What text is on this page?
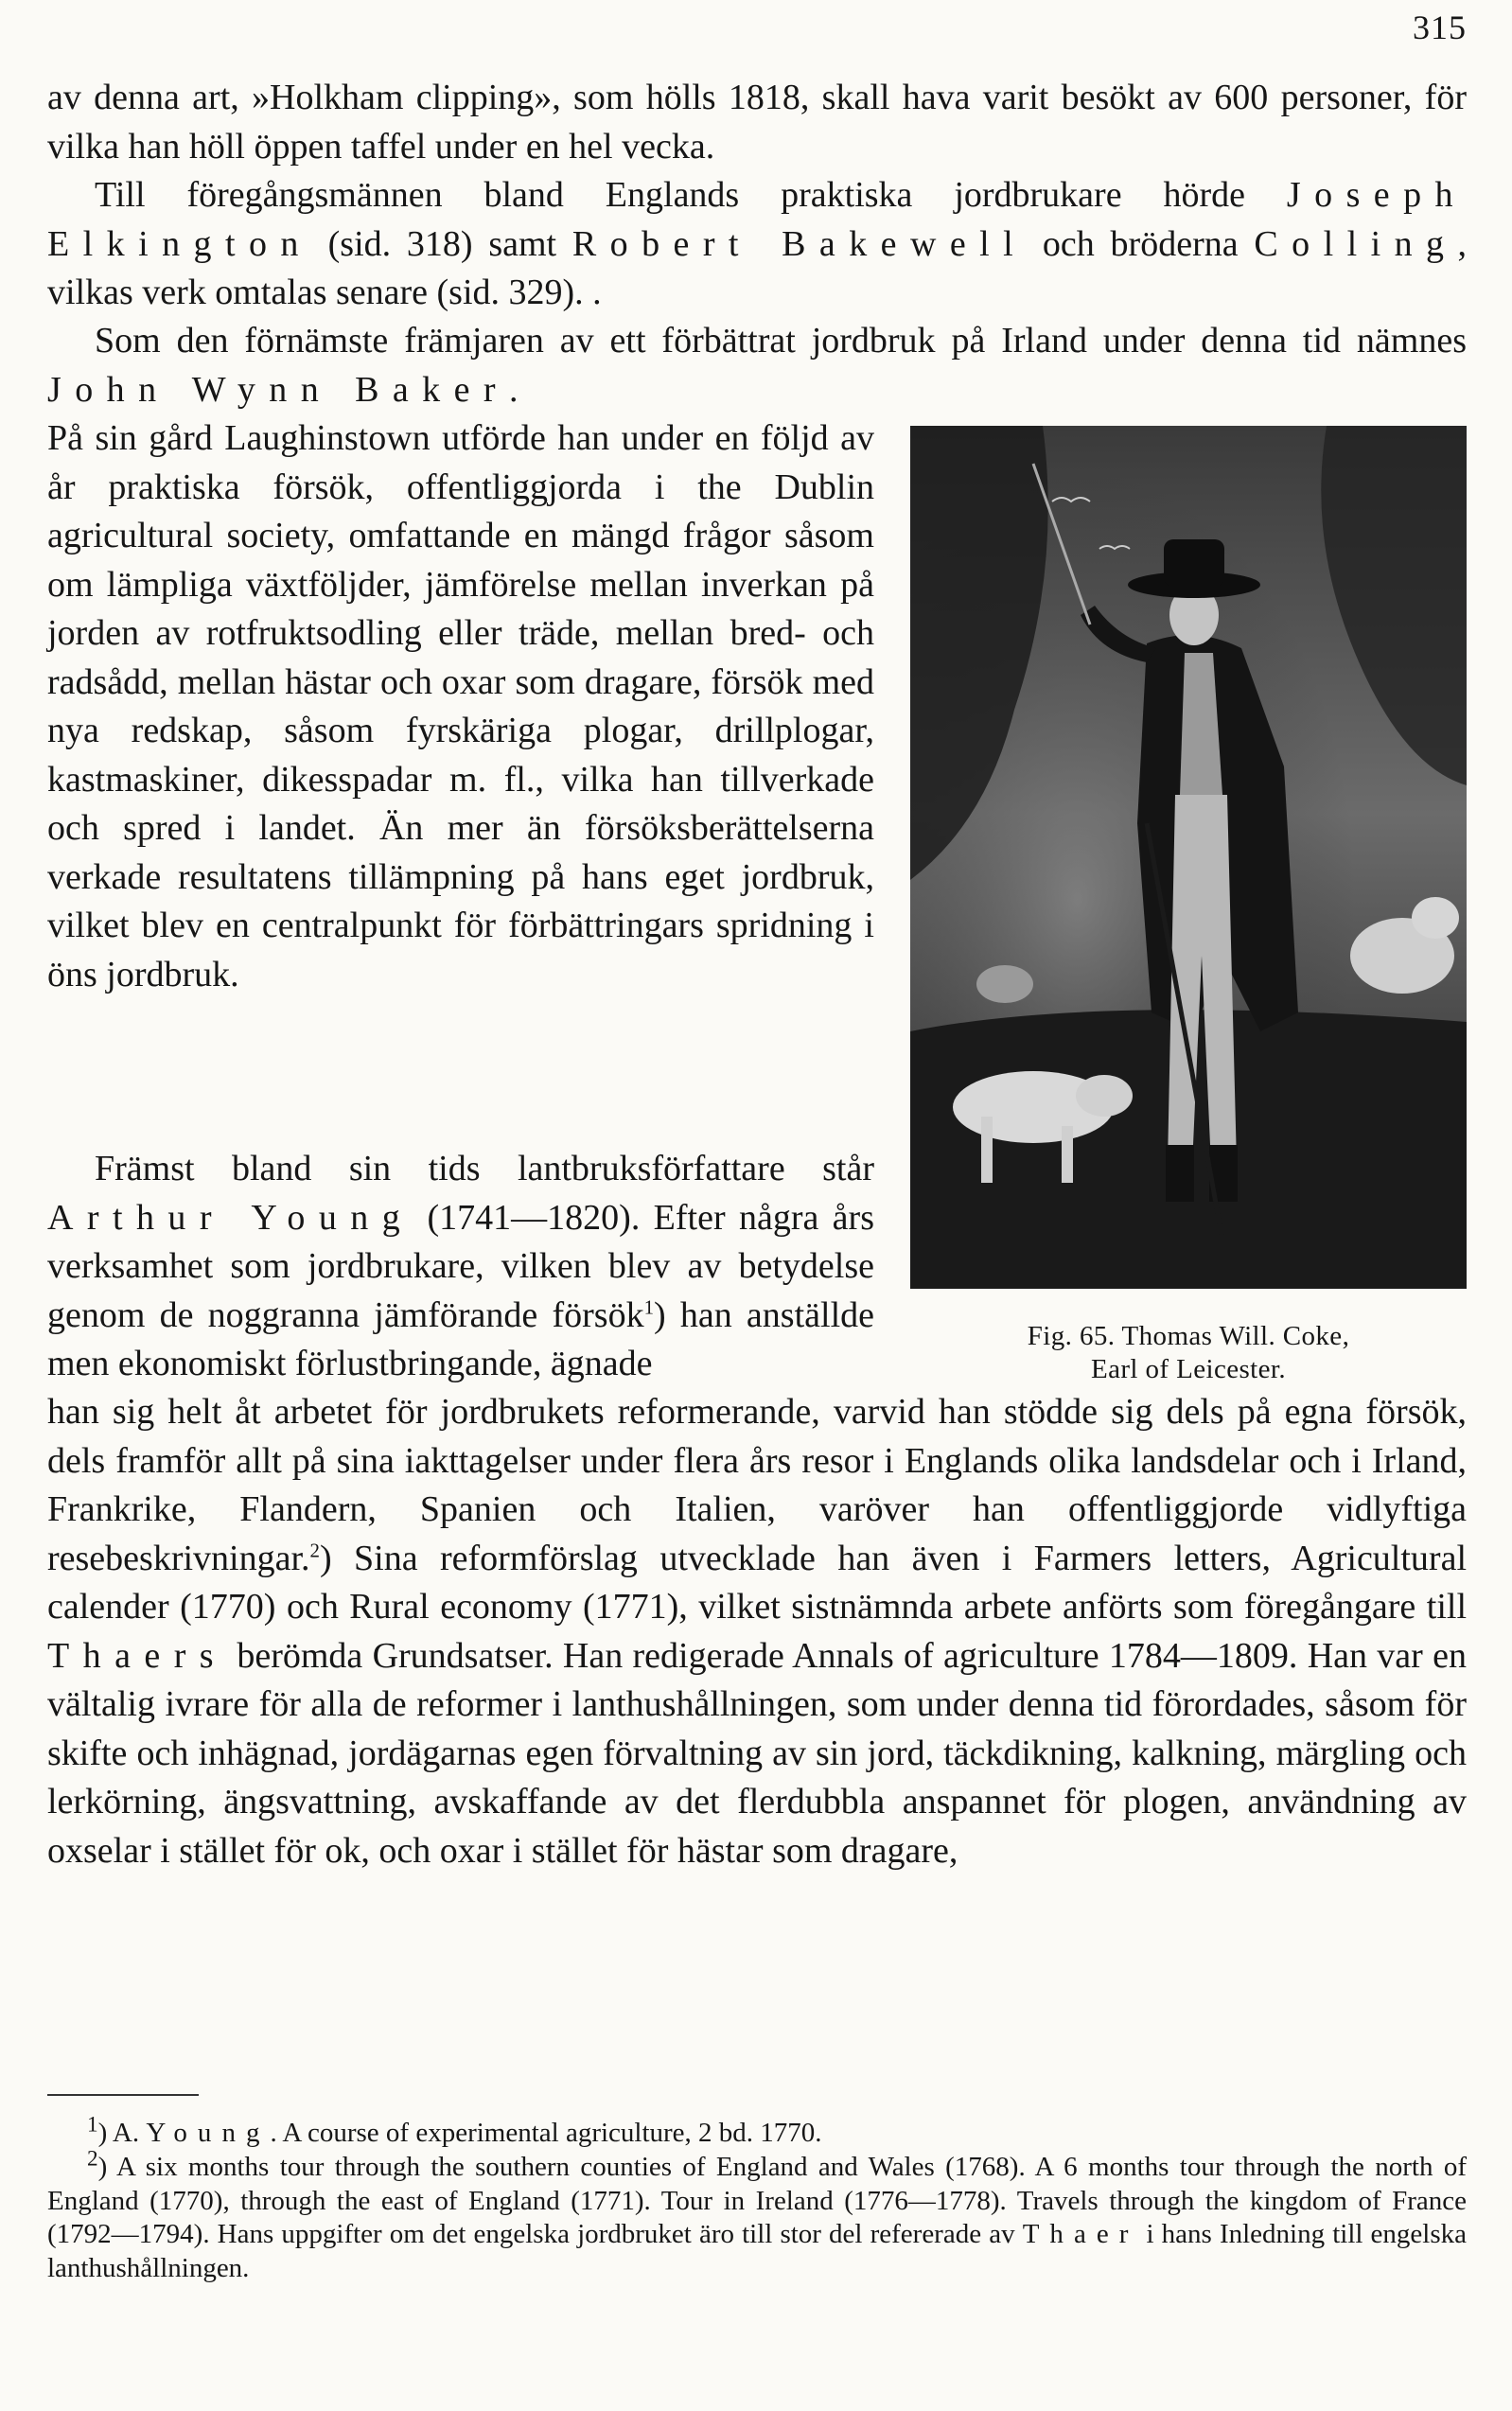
315

av denna art, »Holkham clipping», som hölls 1818, skall hava varit besökt av 600 personer, för vilka han höll öppen taffel under en hel vecka.

Till föregångsmännen bland Englands praktiska jordbrukare hörde Joseph Elkington (sid. 318) samt Robert Bakewell och bröderna Colling, vilkas verk omtalas senare (sid. 329). .

Som den förnämste främjaren av ett förbättrat jordbruk på Irland under denna tid nämnes John Wynn Baker.

På sin gård Laughinstown utförde han under en följd av år praktiska försök, offentliggjorda i the Dublin agricultural society, omfattande en mängd frågor såsom om lämpliga växtföljder, jämförelse mellan inverkan på jorden av rotfruktsodling eller träde, mellan bred- och radsådd, mellan hästar och oxar som dragare, försök med nya redskap, såsom fyrskäriga plogar, drillplogar, kastmaskiner, dikesspadar m. fl., vilka han tillverkade och spred i landet. Än mer än försöksberättelserna verkade resultatens tillämpning på hans eget jordbruk, vilket blev en centralpunkt för förbättringars spridning i öns jordbruk.

Främst bland sin tids lantbruksförfattare står Arthur Young (1741—1820). Efter några års verksamhet som jordbrukare, vilken blev av betydelse genom de noggranna jämförande försök$^1$) han anställde men ekonomiskt förlustbringande, ägnade

han sig helt åt arbetet för jordbrukets reformerande, varvid han stödde sig dels på egna försök, dels framför allt på sina iakttagelser under flera års resor i Englands olika landsdelar och i Irland, Frankrike, Flandern, Spanien och Italien, varöver han offentliggjorde vidlyftiga resebeskrivningar.$^2$) Sina reformförslag utvecklade han även i Farmers letters, Agricultural calender (1770) och Rural economy (1771), vilket sistnämnda arbete anförts som föregångare till Thaers berömda Grundsatser. Han redigerade Annals of agriculture 1784—1809. Han var en vältalig ivrare för alla de reformer i lanthushållningen, som under denna tid förordades, såsom för skifte och inhägnad, jordägarnas egen förvaltning av sin jord, täckdikning, kalkning, märgling och lerkörning, ängsvattning, avskaffande av det flerdubbla anspannet för plogen, användning av oxselar i stället för ok, och oxar i stället för hästar som dragare,

Fig. 65. Thomas Will. Coke,
Earl of Leicester.

$^1$) A. Young. A course of experimental agriculture, 2 bd. 1770.

$^2$) A six months tour through the southern counties of England and Wales (1768). A 6 months tour through the north of England (1770), through the east of England (1771). Tour in Ireland (1776—1778). Travels through the kingdom of France (1792—1794). Hans uppgifter om det engelska jordbruket äro till stor del refererade av Thaer i hans Inledning till engelska lanthushållningen.
